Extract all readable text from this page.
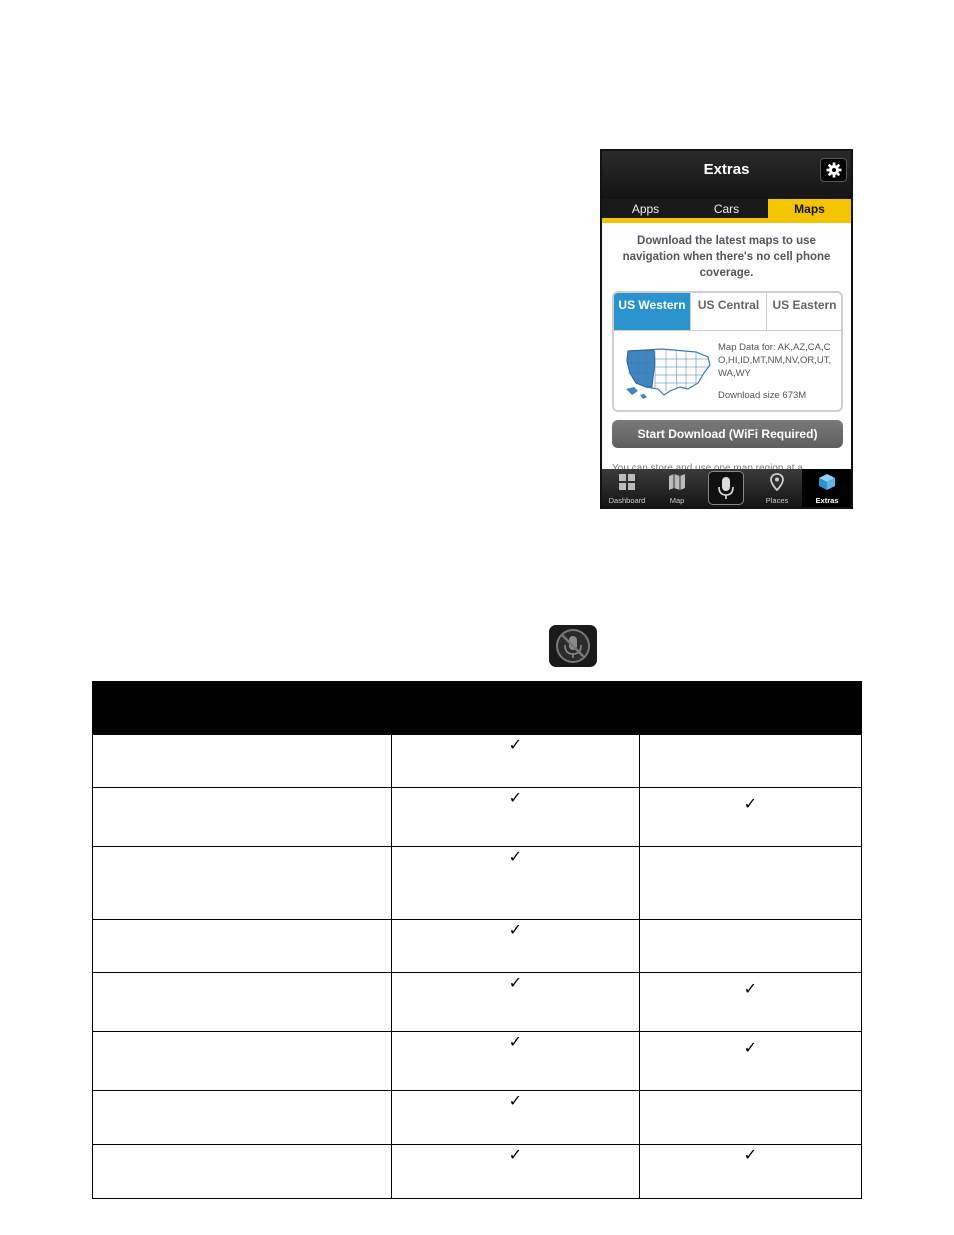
Extras
Apps	Cars	Maps
Download the latest maps to use navigation when there's no cell phone coverage.
US Western	US Central	US Eastern
Map Data for: AK,AZ,CA,CO,HI,ID,MT,NM,NV,OR,UT,WA,WY
Download size 673M
Start Download (WiFi Required)
Dashboard	Map	Places	Extras

	✓	
	✓	✓
	✓	
	✓	
	✓	✓
	✓	✓
	✓	
	✓	✓
